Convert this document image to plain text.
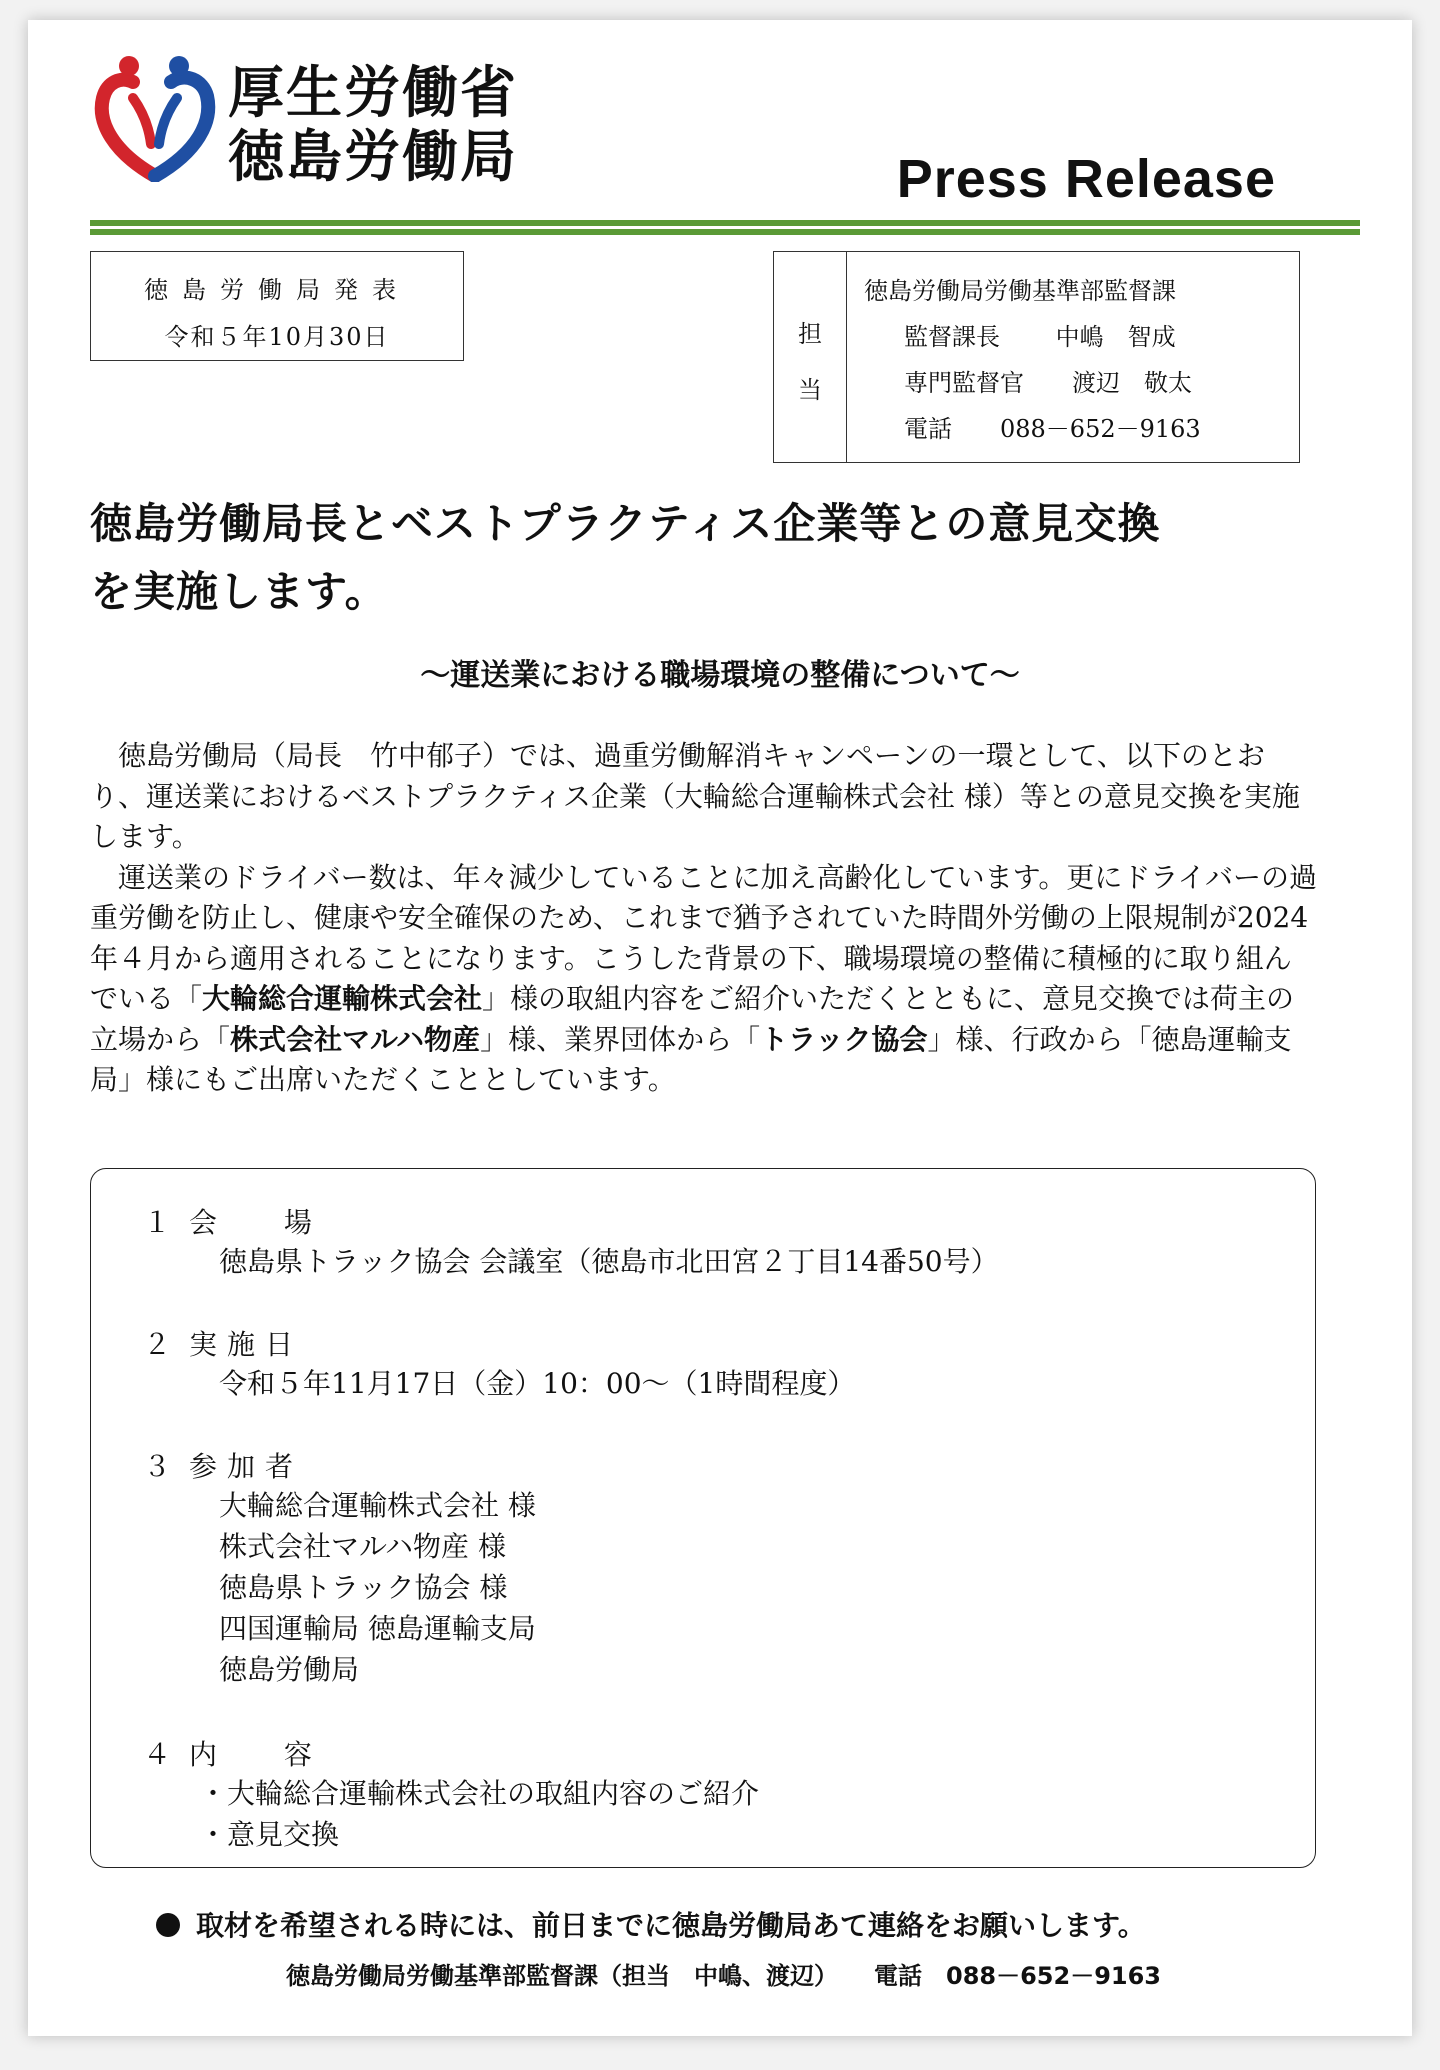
厚生労働省
徳島労働局	Press Release
徳島労働局発表
令和５年10月30日	担
当
徳島労働局労働基準部監督課
監督課長　　 中嶋　智成
専門監督官　　渡辺　敬太
電話　　088－652－9163
徳島労働局長とベストプラクティス企業等との意見交換
を実施します。
～運送業における職場環境の整備について～

徳島労働局（局長　竹中郁子）では、過重労働解消キャンペーンの一環として、以下のとおり、運送業におけるベストプラクティス企業（大輪総合運輸株式会社 様）等との意見交換を実施します。

運送業のドライバー数は、年々減少していることに加え高齢化しています。更にドライバーの過重労働を防止し、健康や安全確保のため、これまで猶予されていた時間外労働の上限規制が2024年４月から適用されることになります。こうした背景の下、職場環境の整備に積極的に取り組んでいる「大輪総合運輸株式会社」様の取組内容をご紹介いただくとともに、意見交換では荷主の立場から「株式会社マルハ物産」様、業界団体から「トラック協会」様、行政から「徳島運輸支局」様にもご出席いただくこととしています。

１ 会　 場
徳島県トラック協会 会議室（徳島市北田宮２丁目14番50号）
２ 実施日
令和５年11月17日（金）10：00～（1時間程度）
３ 参加者
大輪総合運輸株式会社 様
株式会社マルハ物産 様
徳島県トラック協会 様
四国運輸局 徳島運輸支局
徳島労働局
４ 内　 容
・大輪総合運輸株式会社の取組内容のご紹介
・意見交換
取材を希望される時には、前日までに徳島労働局あて連絡をお願いします。
徳島労働局労働基準部監督課（担当　中嶋、渡辺）　　電話　088－652－9163
